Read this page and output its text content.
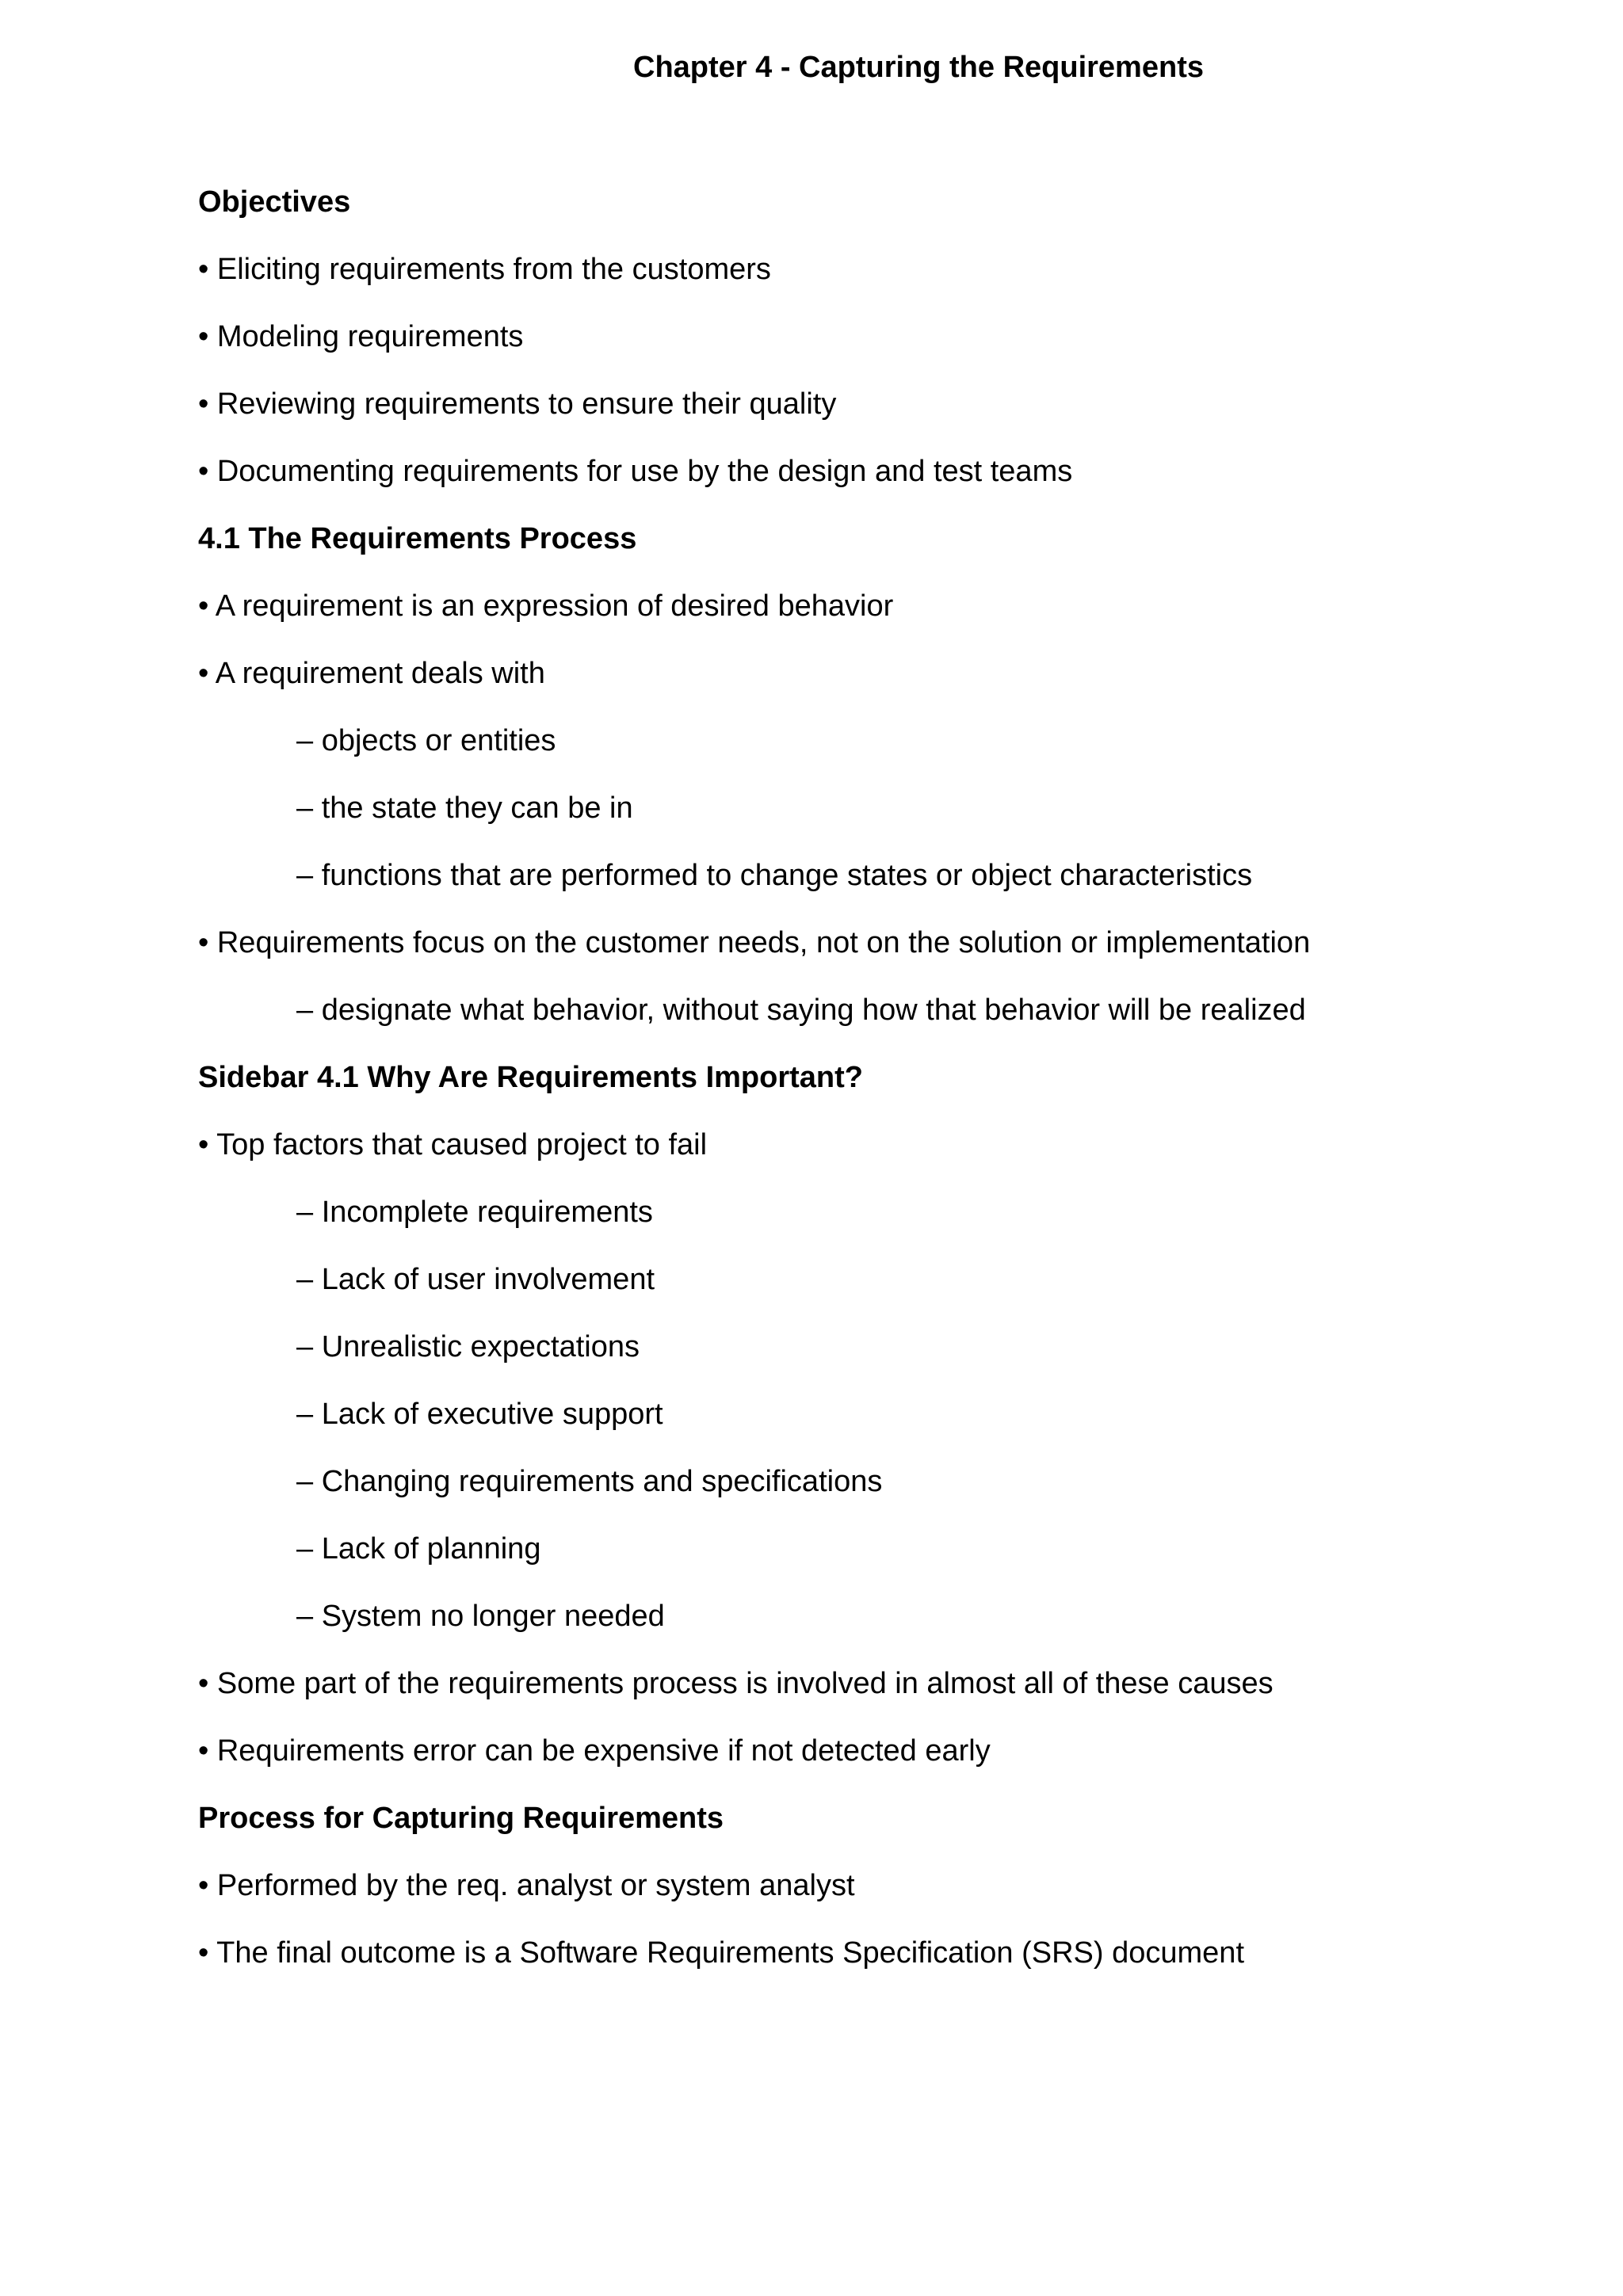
Chapter 4 - Capturing the Requirements
Objectives
• Eliciting requirements from the customers
• Modeling requirements
• Reviewing requirements to ensure their quality
• Documenting requirements for use by the design and test teams
4.1 The Requirements Process
• A requirement is an expression of desired behavior
• A requirement deals with
– objects or entities
– the state they can be in
– functions that are performed to change states or object characteristics
• Requirements focus on the customer needs, not on the solution or implementation
– designate what behavior, without saying how that behavior will be realized
Sidebar 4.1 Why Are Requirements Important?
• Top factors that caused project to fail
– Incomplete requirements
– Lack of user involvement
– Unrealistic expectations
– Lack of executive support
– Changing requirements and specifications
– Lack of planning
– System no longer needed
• Some part of the requirements process is involved in almost all of these causes
• Requirements error can be expensive if not detected early
Process for Capturing Requirements
• Performed by the req. analyst or system analyst
• The final outcome is a Software Requirements Specification (SRS) document
